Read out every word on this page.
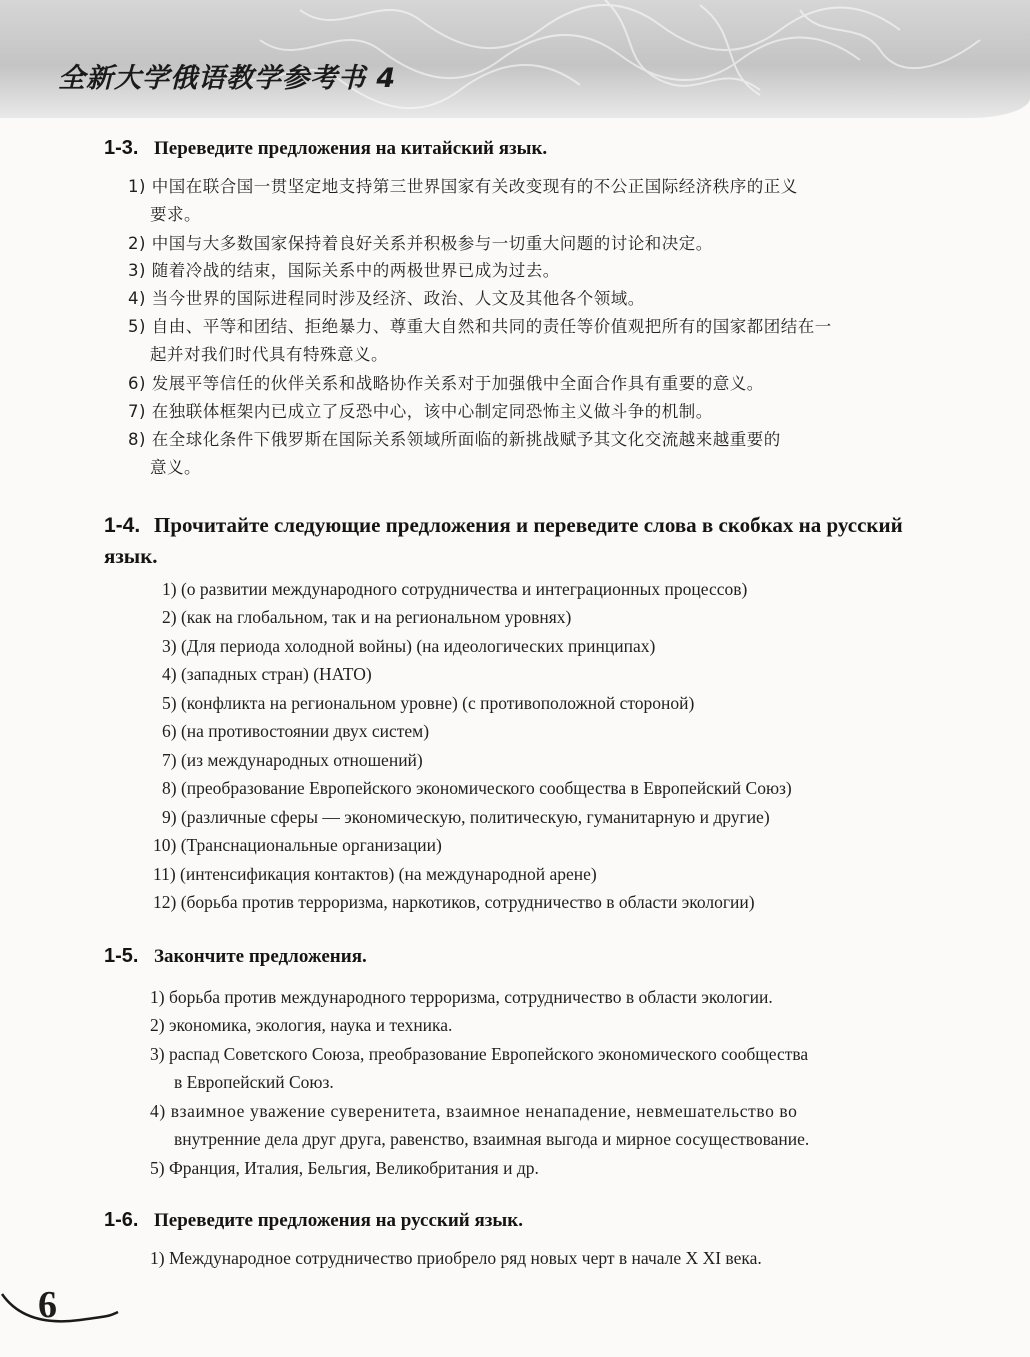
全新大学俄语教学参考书 4
1-3. Переведите предложения на китайский язык.
1) 中国在联合国一贯坚定地支持第三世界国家有关改变现有的不公正国际经济秩序的正义
要求。
2) 中国与大多数国家保持着良好关系并积极参与一切重大问题的讨论和决定。
3) 随着冷战的结束，国际关系中的两极世界已成为过去。
4) 当今世界的国际进程同时涉及经济、政治、人文及其他各个领域。
5) 自由、平等和团结、拒绝暴力、尊重大自然和共同的责任等价值观把所有的国家都团结在一
起并对我们时代具有特殊意义。
6) 发展平等信任的伙伴关系和战略协作关系对于加强俄中全面合作具有重要的意义。
7) 在独联体框架内已成立了反恐中心，该中心制定同恐怖主义做斗争的机制。
8) 在全球化条件下俄罗斯在国际关系领域所面临的新挑战赋予其文化交流越来越重要的
意义。
1-4. Прочитайте следующие предложения и переведите слова в скобках на русский язык.
1) (о развитии международного сотрудничества и интеграционных процессов)
2) (как на глобальном, так и на региональном уровнях)
3) (Для периода холодной войны) (на идеологических принципах)
4) (западных стран) (НАТО)
5) (конфликта на региональном уровне) (с противоположной стороной)
6) (на противостоянии двух систем)
7) (из международных отношений)
8) (преобразование Европейского экономического сообщества в Европейский Союз)
9) (различные сферы — экономическую, политическую, гуманитарную и другие)
10) (Транснациональные организации)
11) (интенсификация контактов) (на международной арене)
12) (борьба против терроризма, наркотиков, сотрудничество в области экологии)
1-5. Закончите предложения.
1) борьба против международного терроризма, сотрудничество в области экологии.
2) экономика, экология, наука и техника.
3) распад Советского Союза, преобразование Европейского экономического сообщества
в Европейский Союз.
4) взаимное уважение суверенитета, взаимное ненападение, невмешательство во
внутренние дела друг друга, равенство, взаимная выгода и мирное сосуществование.
5) Франция, Италия, Бельгия, Великобритания и др.
1-6. Переведите предложения на русский язык.
1) Международное сотрудничество приобрело ряд новых черт в начале X XI века.
6
